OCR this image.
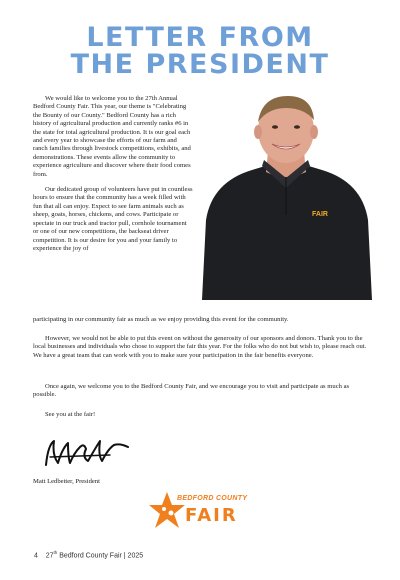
LETTER FROM
THE PRESIDENT
FAIR

We would like to welcome you to the 27th Annual Bedford County Fair. This year, our theme is "Celebrating the Bounty of our County." Bedford County has a rich history of agricultural production and currently ranks #6 in the state for total agricultural production. It is our goal each and every year to showcase the efforts of our farm and ranch families through livestock competitions, exhibits, and demonstrations. These events allow the community to experience agriculture and discover where their food comes from.

Our dedicated group of volunteers have put in countless hours to ensure that the community has a week filled with fun that all can enjoy. Expect to see farm animals such as sheep, goats, horses, chickens, and cows. Participate or spectate in our truck and tractor pull, cornhole tournament or one of our new competitions, the backseat driver competition. It is our desire for you and your family to experience the joy of

participating in our community fair as much as we enjoy providing this event for the community.

However, we would not be able to put this event on without the generosity of our sponsors and donors. Thank you to the local businesses and individuals who chose to support the fair this year. For the folks who do not but wish to, please reach out. We have a great team that can work with you to make sure your participation in the fair benefits everyone.

Once again, we welcome you to the Bedford County Fair, and we encourage you to visit and participate as much as possible.

See you at the fair!

Matt Ledbetter, President
BEDFORD COUNTY
FAIR
4 27th Bedford County Fair | 2025
